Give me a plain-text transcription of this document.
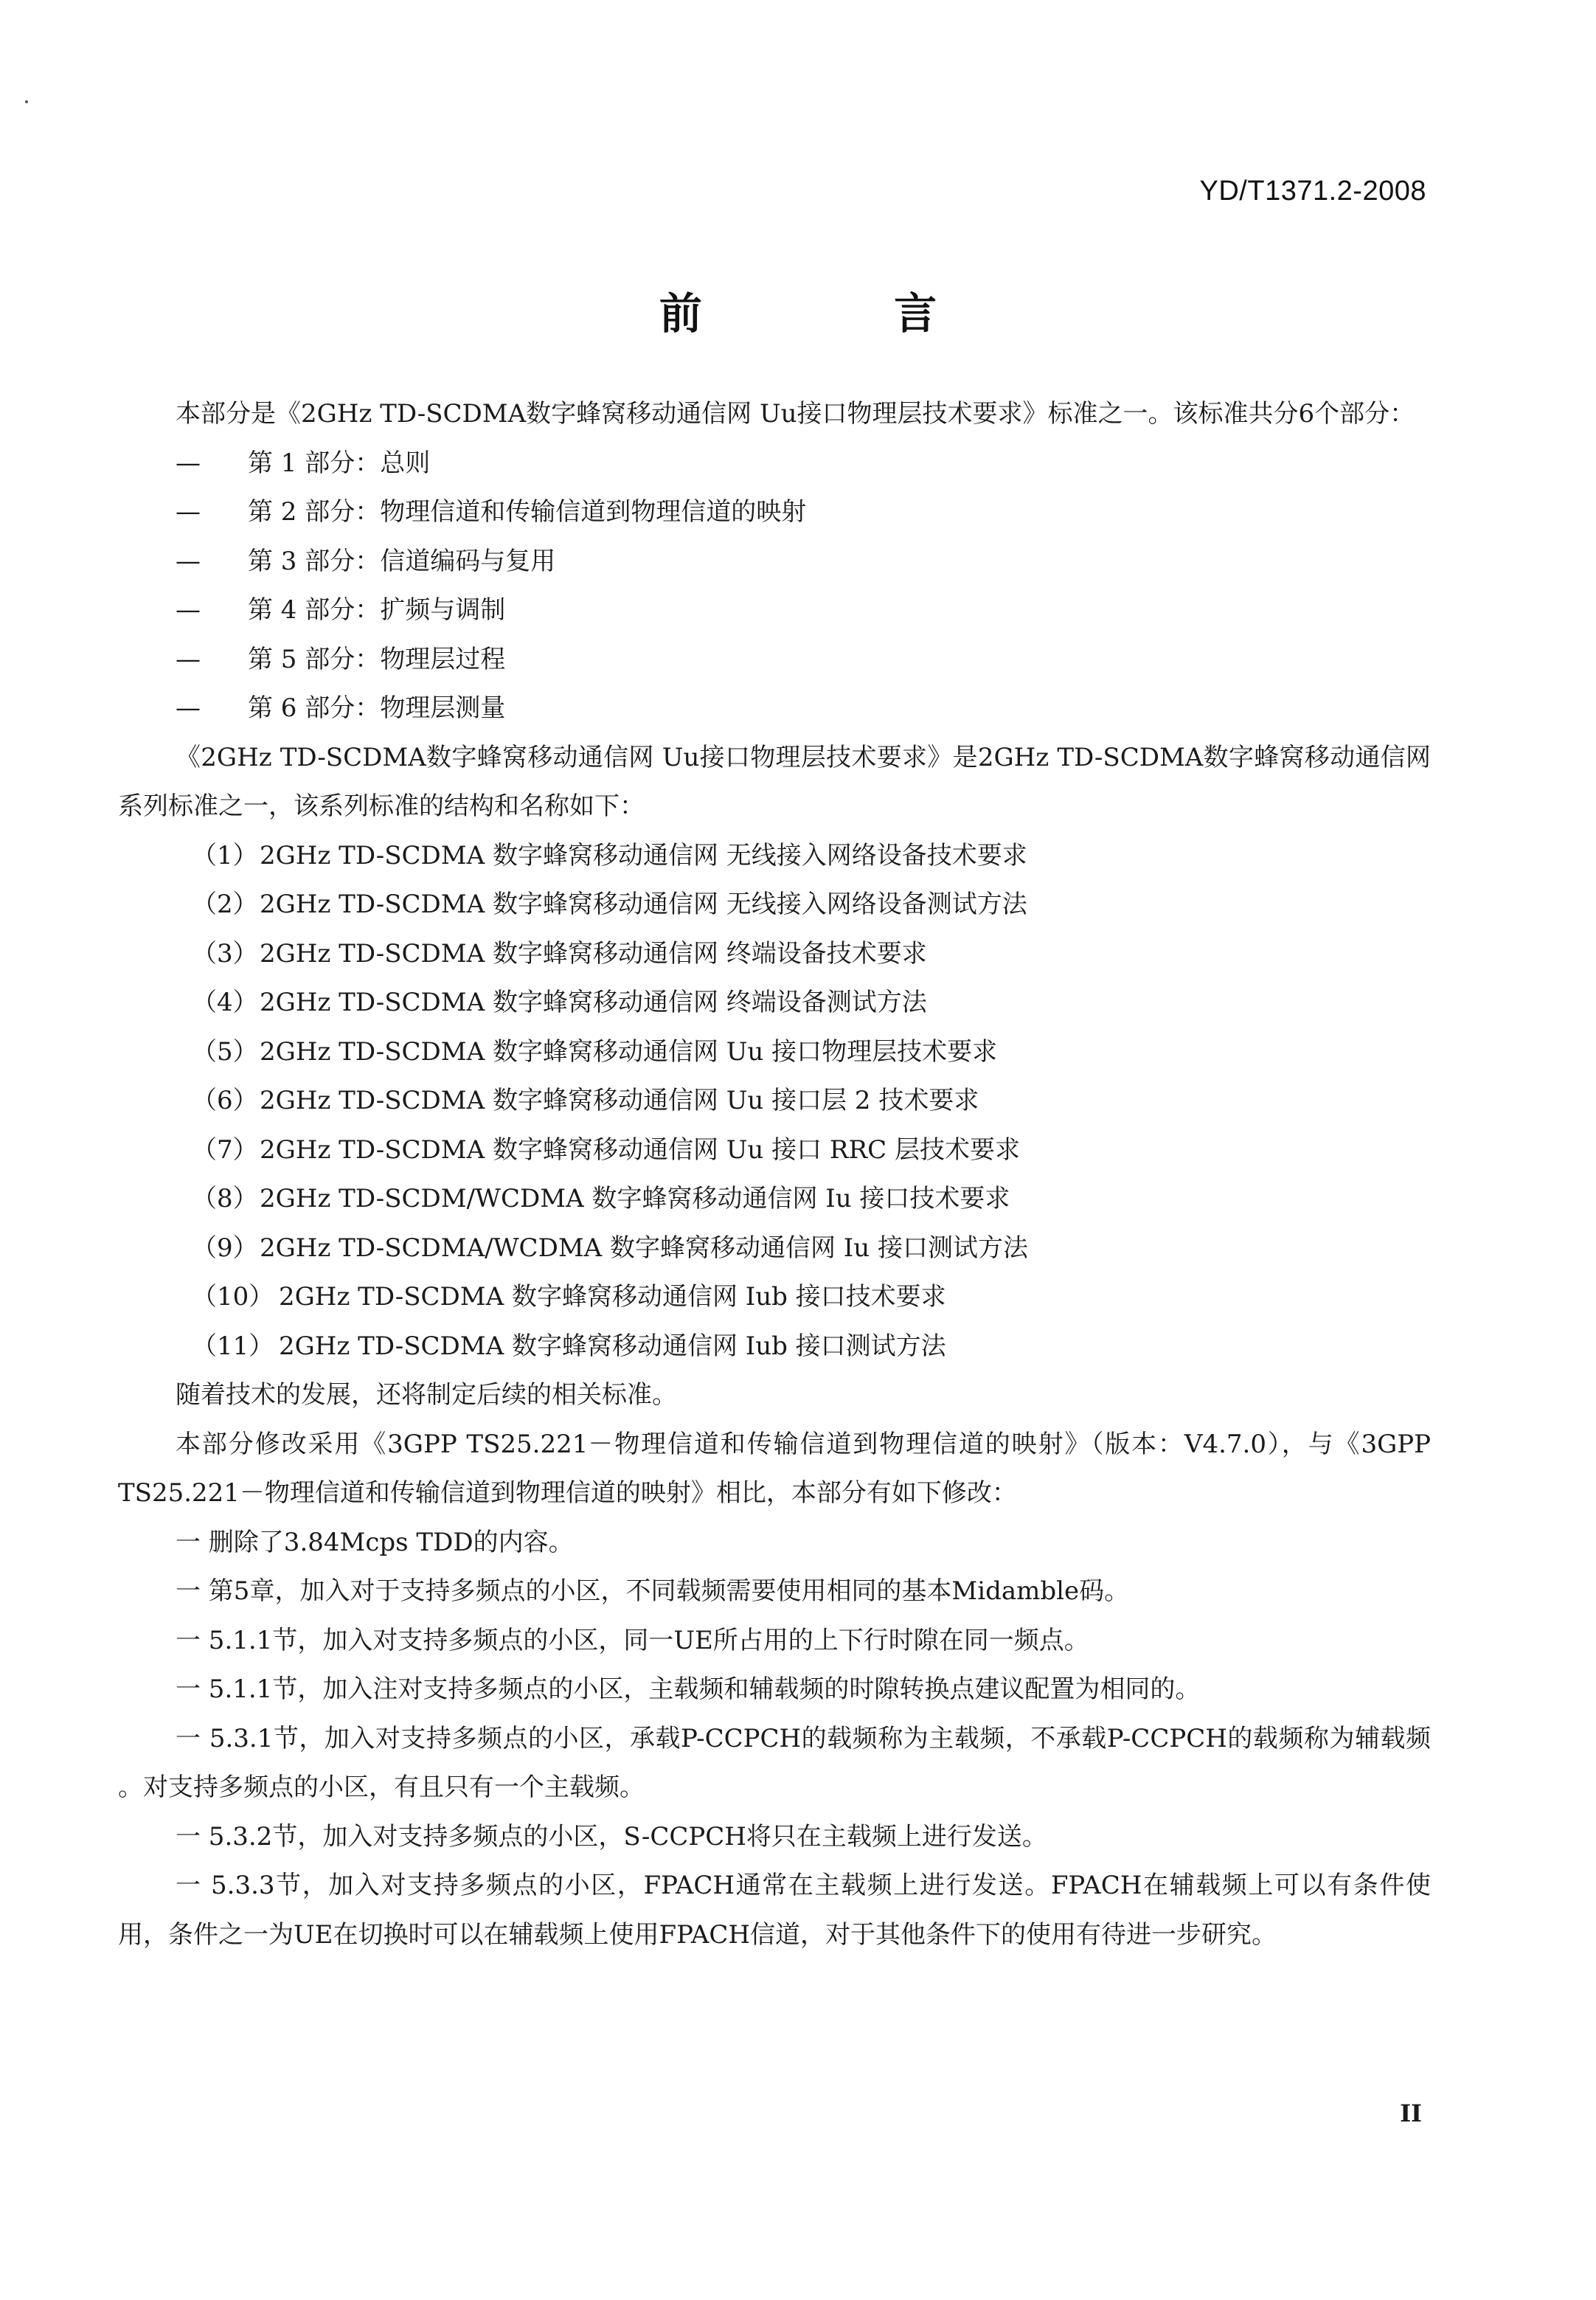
YD/T1371.2-2008
前 言

本部分是《2GHz TD-SCDMA数字蜂窝移动通信网 Uu接口物理层技术要求》标准之一。该标准共分6个部分：

— 第 1 部分：总则

— 第 2 部分：物理信道和传输信道到物理信道的映射

— 第 3 部分：信道编码与复用

— 第 4 部分：扩频与调制

— 第 5 部分：物理层过程

— 第 6 部分：物理层测量

《2GHz TD-SCDMA数字蜂窝移动通信网 Uu接口物理层技术要求》是2GHz TD-SCDMA数字蜂窝移动通信网系列标准之一，该系列标准的结构和名称如下：

（1）2GHz TD-SCDMA 数字蜂窝移动通信网 无线接入网络设备技术要求

（2）2GHz TD-SCDMA 数字蜂窝移动通信网 无线接入网络设备测试方法

（3）2GHz TD-SCDMA 数字蜂窝移动通信网 终端设备技术要求

（4）2GHz TD-SCDMA 数字蜂窝移动通信网 终端设备测试方法

（5）2GHz TD-SCDMA 数字蜂窝移动通信网 Uu 接口物理层技术要求

（6）2GHz TD-SCDMA 数字蜂窝移动通信网 Uu 接口层 2 技术要求

（7）2GHz TD-SCDMA 数字蜂窝移动通信网 Uu 接口 RRC 层技术要求

（8）2GHz TD-SCDM/WCDMA 数字蜂窝移动通信网 Iu 接口技术要求

（9）2GHz TD-SCDMA/WCDMA 数字蜂窝移动通信网 Iu 接口测试方法

（10） 2GHz TD-SCDMA 数字蜂窝移动通信网 Iub 接口技术要求

（11） 2GHz TD-SCDMA 数字蜂窝移动通信网 Iub 接口测试方法

随着技术的发展，还将制定后续的相关标准。

本部分修改采用《3GPP TS25.221－物理信道和传输信道到物理信道的映射》（版本：V4.7.0），与《3GPP TS25.221－物理信道和传输信道到物理信道的映射》相比，本部分有如下修改：

一 删除了3.84Mcps TDD的内容。

一 第5章，加入对于支持多频点的小区，不同载频需要使用相同的基本Midamble码。

一 5.1.1节，加入对支持多频点的小区，同一UE所占用的上下行时隙在同一频点。

一 5.1.1节，加入注对支持多频点的小区，主载频和辅载频的时隙转换点建议配置为相同的。

一 5.3.1节，加入对支持多频点的小区，承载P-CCPCH的载频称为主载频，不承载P-CCPCH的载频称为辅载频 。对支持多频点的小区，有且只有一个主载频。

一 5.3.2节，加入对支持多频点的小区，S-CCPCH将只在主载频上进行发送。

一 5.3.3节，加入对支持多频点的小区，FPACH通常在主载频上进行发送。FPACH在辅载频上可以有条件使用，条件之一为UE在切换时可以在辅载频上使用FPACH信道，对于其他条件下的使用有待进一步研究。

II
